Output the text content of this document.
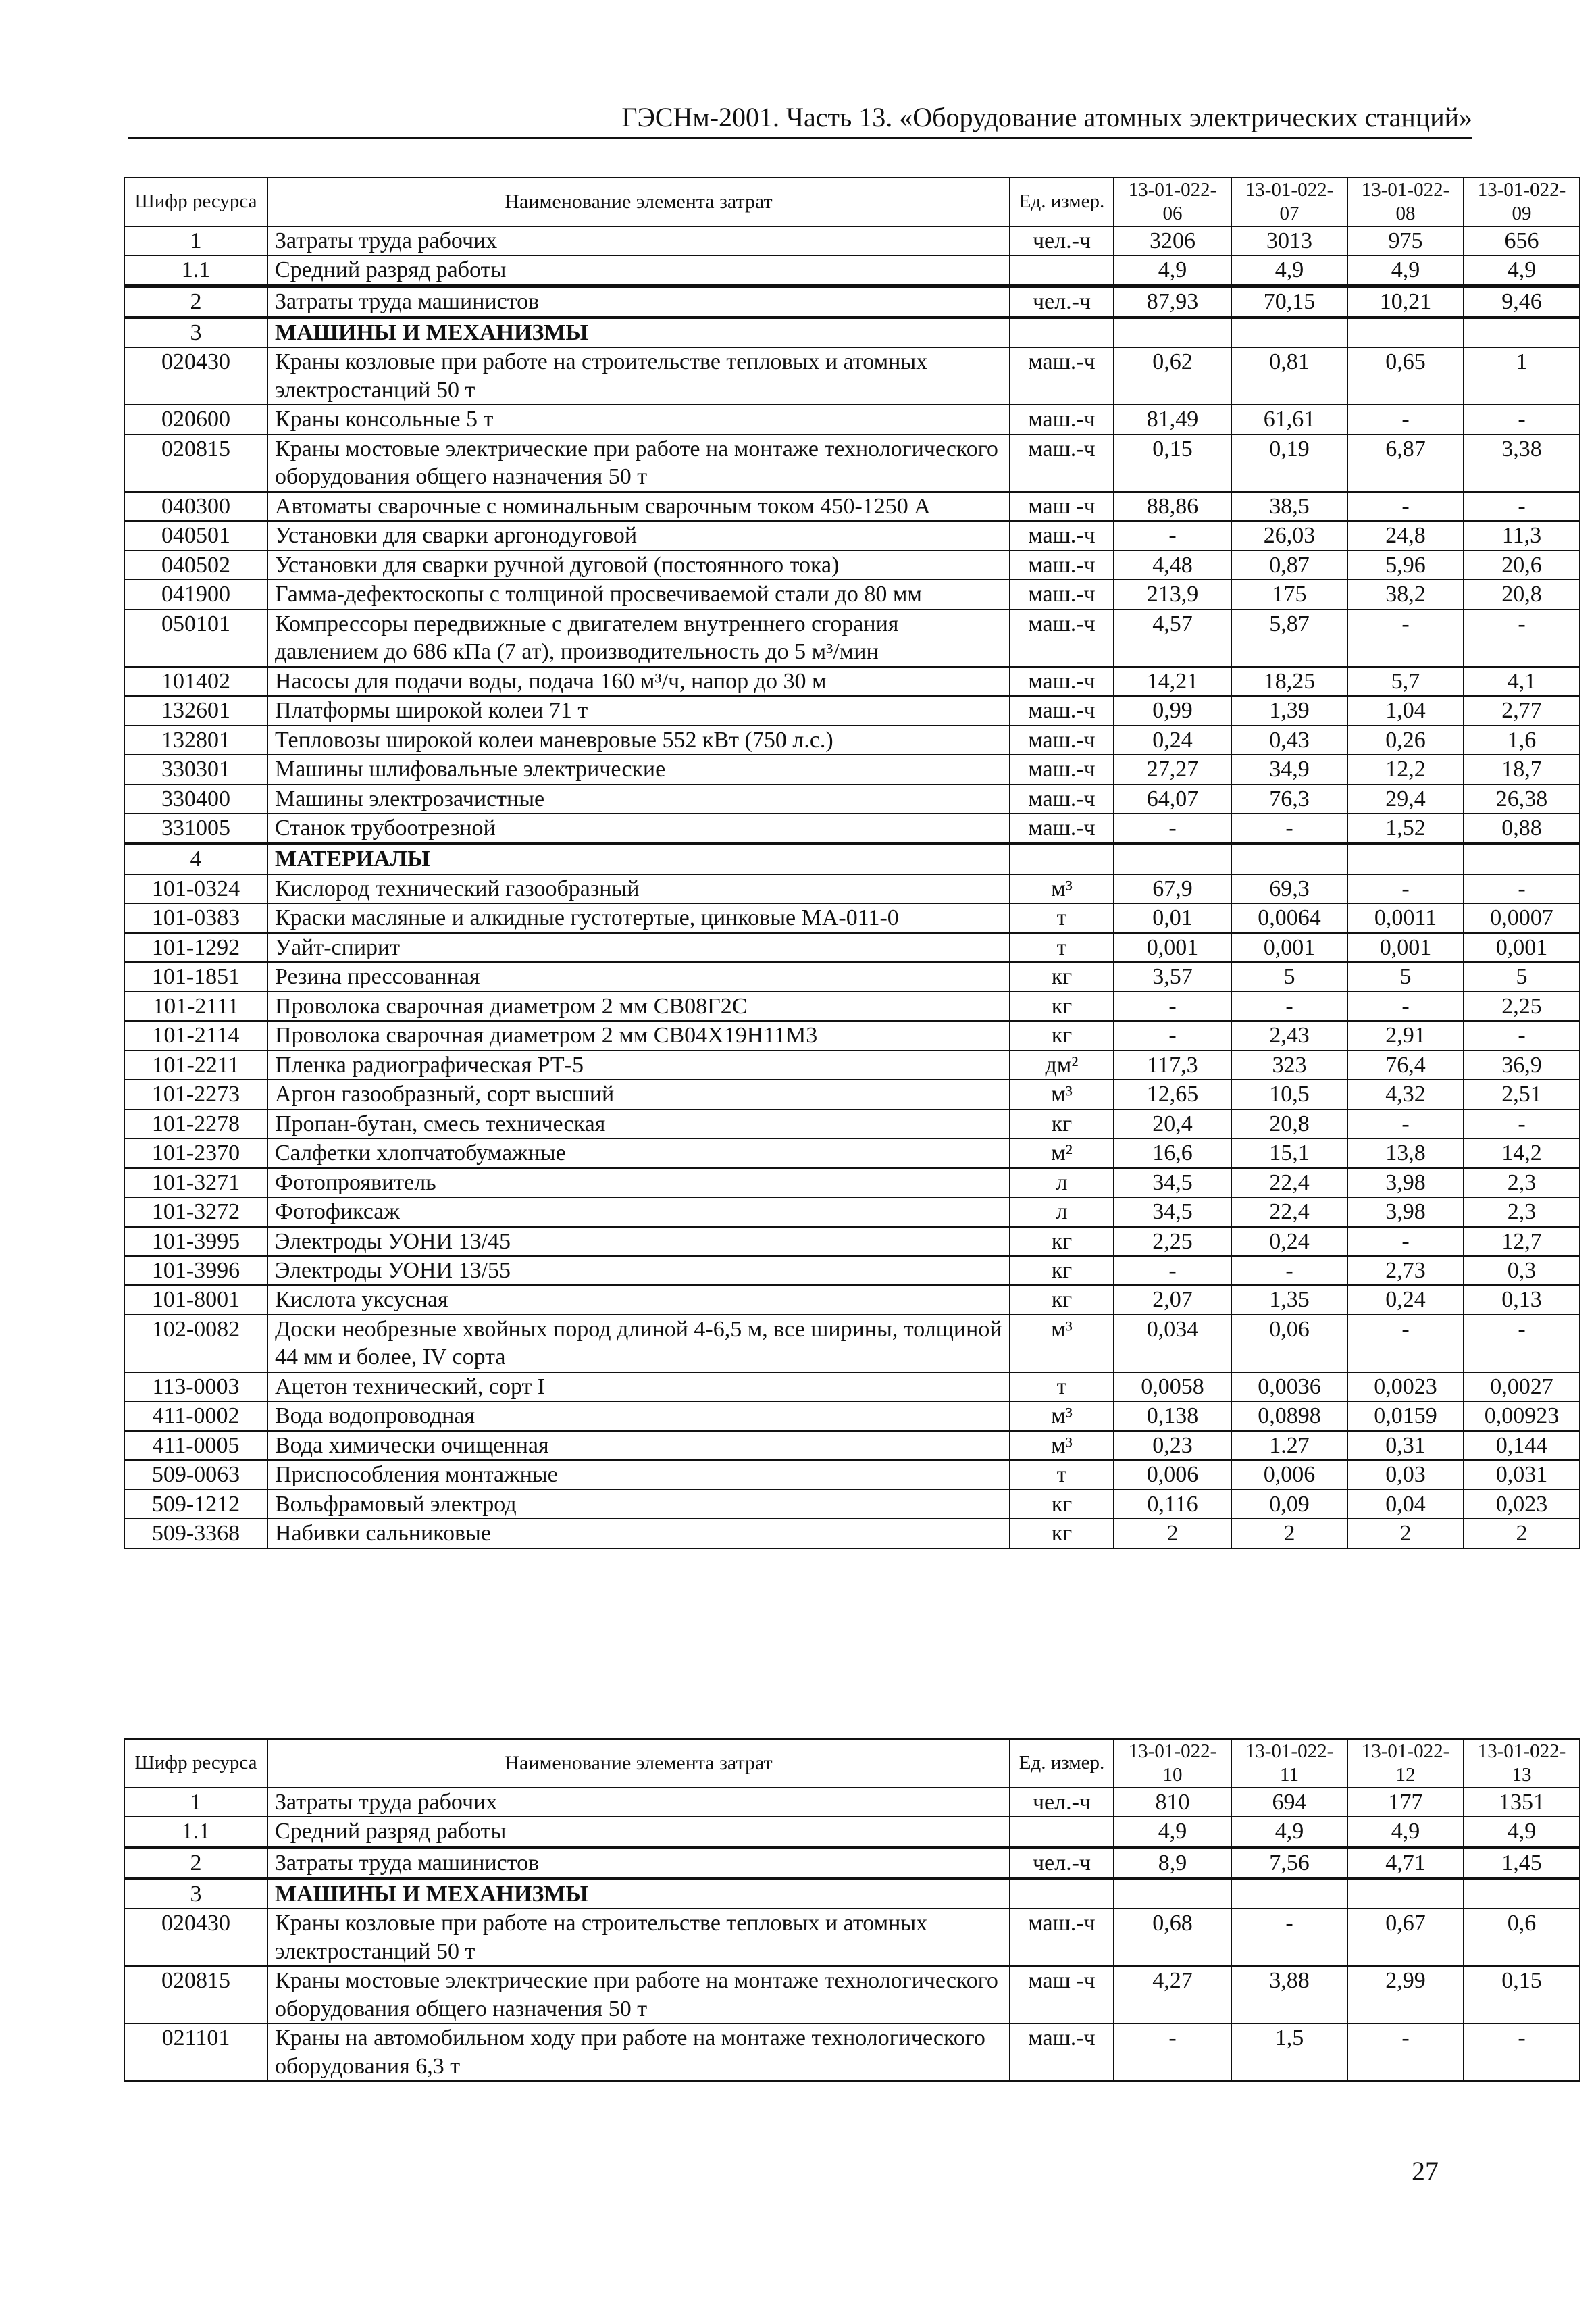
ГЭСНм-2001. Часть 13. «Оборудование атомных электрических станций»
Шифр ресурса	Наименование элемента затрат	Ед. измер.	13-01-022-06	13-01-022-07	13-01-022-08	13-01-022-09
1	Затраты труда рабочих	чел.-ч	3206	3013	975	656
1.1	Средний разряд работы		4,9	4,9	4,9	4,9
2	Затраты труда машинистов	чел.-ч	87,93	70,15	10,21	9,46
3	МАШИНЫ И МЕХАНИЗМЫ					
020430	Краны козловые при работе на строительстве тепловых и атомных электростанций 50 т	маш.-ч	0,62	0,81	0,65	1
020600	Краны консольные 5 т	маш.-ч	81,49	61,61	-	-
020815	Краны мостовые электрические при работе на монтаже технологического оборудования общего назначения 50 т	маш.-ч	0,15	0,19	6,87	3,38
040300	Автоматы сварочные с номинальным сварочным током 450-1250 А	маш -ч	88,86	38,5	-	-
040501	Установки для сварки аргонодуговой	маш.-ч	-	26,03	24,8	11,3
040502	Установки для сварки ручной дуговой (постоянного тока)	маш.-ч	4,48	0,87	5,96	20,6
041900	Гамма-дефектоскопы с толщиной просвечиваемой стали до 80 мм	маш.-ч	213,9	175	38,2	20,8
050101	Компрессоры передвижные с двигателем внутреннего сгорания давлением до 686 кПа (7 ат), производительность до 5 м³/мин	маш.-ч	4,57	5,87	-	-
101402	Насосы для подачи воды, подача 160 м³/ч, напор до 30 м	маш.-ч	14,21	18,25	5,7	4,1
132601	Платформы широкой колеи 71 т	маш.-ч	0,99	1,39	1,04	2,77
132801	Тепловозы широкой колеи маневровые 552 кВт (750 л.с.)	маш.-ч	0,24	0,43	0,26	1,6
330301	Машины шлифовальные электрические	маш.-ч	27,27	34,9	12,2	18,7
330400	Машины электрозачистные	маш.-ч	64,07	76,3	29,4	26,38
331005	Станок трубоотрезной	маш.-ч	-	-	1,52	0,88
4	МАТЕРИАЛЫ					
101-0324	Кислород технический газообразный	м³	67,9	69,3	-	-
101-0383	Краски масляные и алкидные густотертые, цинковые МА-011-0	т	0,01	0,0064	0,0011	0,0007
101-1292	Уайт-спирит	т	0,001	0,001	0,001	0,001
101-1851	Резина прессованная	кг	3,57	5	5	5
101-2111	Проволока сварочная диаметром 2 мм СВ08Г2С	кг	-	-	-	2,25
101-2114	Проволока сварочная диаметром 2 мм СВ04Х19Н11М3	кг	-	2,43	2,91	-
101-2211	Пленка радиографическая РТ-5	дм²	117,3	323	76,4	36,9
101-2273	Аргон газообразный, сорт высший	м³	12,65	10,5	4,32	2,51
101-2278	Пропан-бутан, смесь техническая	кг	20,4	20,8	-	-
101-2370	Салфетки хлопчатобумажные	м²	16,6	15,1	13,8	14,2
101-3271	Фотопроявитель	л	34,5	22,4	3,98	2,3
101-3272	Фотофиксаж	л	34,5	22,4	3,98	2,3
101-3995	Электроды УОНИ 13/45	кг	2,25	0,24	-	12,7
101-3996	Электроды УОНИ 13/55	кг	-	-	2,73	0,3
101-8001	Кислота уксусная	кг	2,07	1,35	0,24	0,13
102-0082	Доски необрезные хвойных пород длиной 4-6,5 м, все ширины, толщиной 44 мм и более, IV сорта	м³	0,034	0,06	-	-
113-0003	Ацетон технический, сорт I	т	0,0058	0,0036	0,0023	0,0027
411-0002	Вода водопроводная	м³	0,138	0,0898	0,0159	0,00923
411-0005	Вода химически очищенная	м³	0,23	1.27	0,31	0,144
509-0063	Приспособления монтажные	т	0,006	0,006	0,03	0,031
509-1212	Вольфрамовый электрод	кг	0,116	0,09	0,04	0,023
509-3368	Набивки сальниковые	кг	2	2	2	2
Шифр ресурса	Наименование элемента затрат	Ед. измер.	13-01-022-10	13-01-022-11	13-01-022-12	13-01-022-13
1	Затраты труда рабочих	чел.-ч	810	694	177	1351
1.1	Средний разряд работы		4,9	4,9	4,9	4,9
2	Затраты труда машинистов	чел.-ч	8,9	7,56	4,71	1,45
3	МАШИНЫ И МЕХАНИЗМЫ					
020430	Краны козловые при работе на строительстве тепловых и атомных электростанций 50 т	маш.-ч	0,68	-	0,67	0,6
020815	Краны мостовые электрические при работе на монтаже технологического оборудования общего назначения 50 т	маш -ч	4,27	3,88	2,99	0,15
021101	Краны на автомобильном ходу при работе на монтаже технологического оборудования 6,3 т	маш.-ч	-	1,5	-	-
27
